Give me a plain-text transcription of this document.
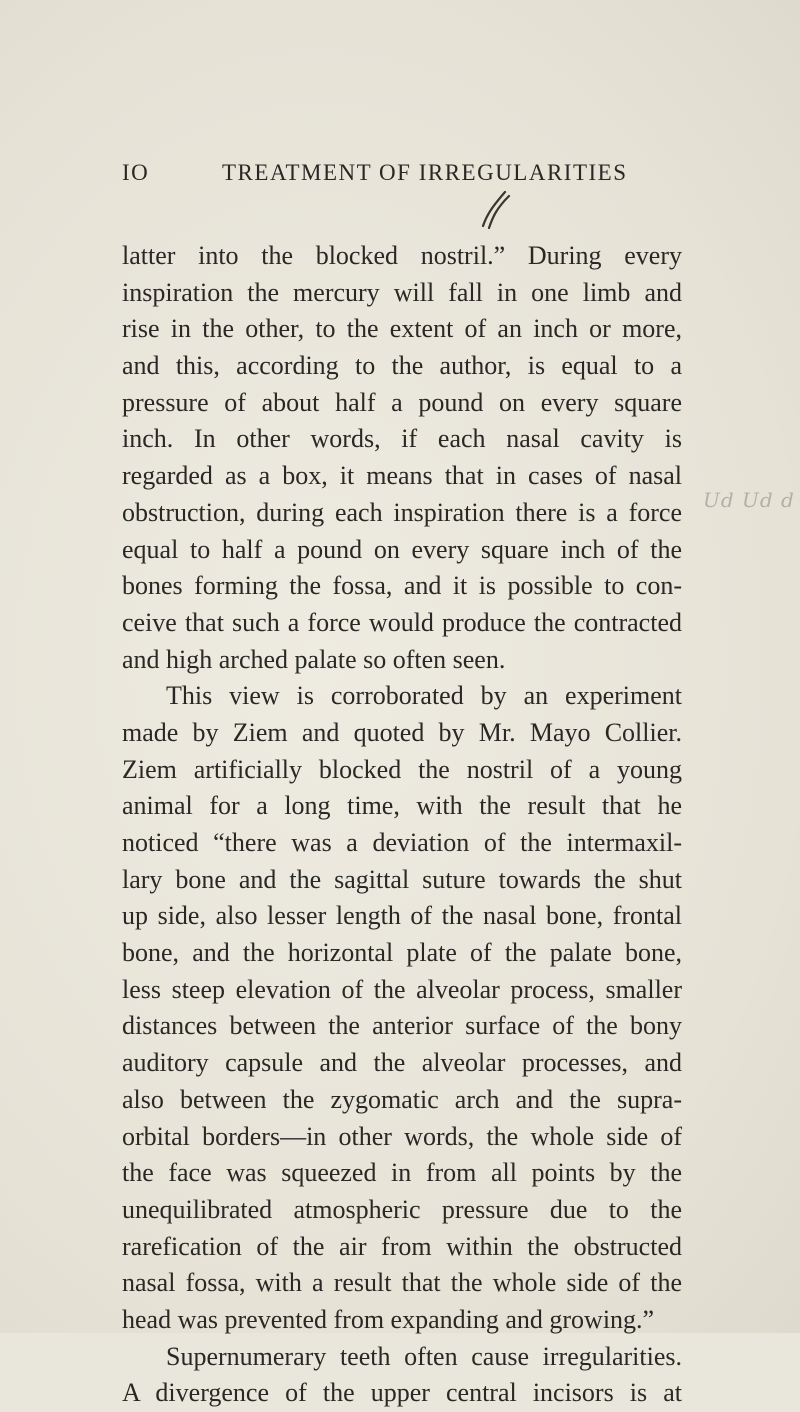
IO	TREATMENT OF IRREGULARITIES
latter into the blocked nostril.” During every
inspiration the mercury will fall in one limb and
rise in the other, to the extent of an inch or more,
and this, according to the author, is equal to a
pressure of about half a pound on every square
inch. In other words, if each nasal cavity is
regarded as a box, it means that in cases of nasal
obstruction, during each inspiration there is a force
equal to half a pound on every square inch of the
bones forming the fossa, and it is possible to con-
ceive that such a force would produce the contracted
and high arched palate so often seen.
This view is corroborated by an experiment
made by Ziem and quoted by Mr. Mayo Collier.
Ziem artificially blocked the nostril of a young
animal for a long time, with the result that he
noticed “there was a deviation of the intermaxil-
lary bone and the sagittal suture towards the shut
up side, also lesser length of the nasal bone, frontal
bone, and the horizontal plate of the palate bone,
less steep elevation of the alveolar process, smaller
distances between the anterior surface of the bony
auditory capsule and the alveolar processes, and
also between the zygomatic arch and the supra-
orbital borders—in other words, the whole side of
the face was squeezed in from all points by the
unequilibrated atmospheric pressure due to the
rarefication of the air from within the obstructed
nasal fossa, with a result that the whole side of the
head was prevented from expanding and growing.”
Supernumerary teeth often cause irregularities.
A divergence of the upper central incisors is at
Ud Ud d
